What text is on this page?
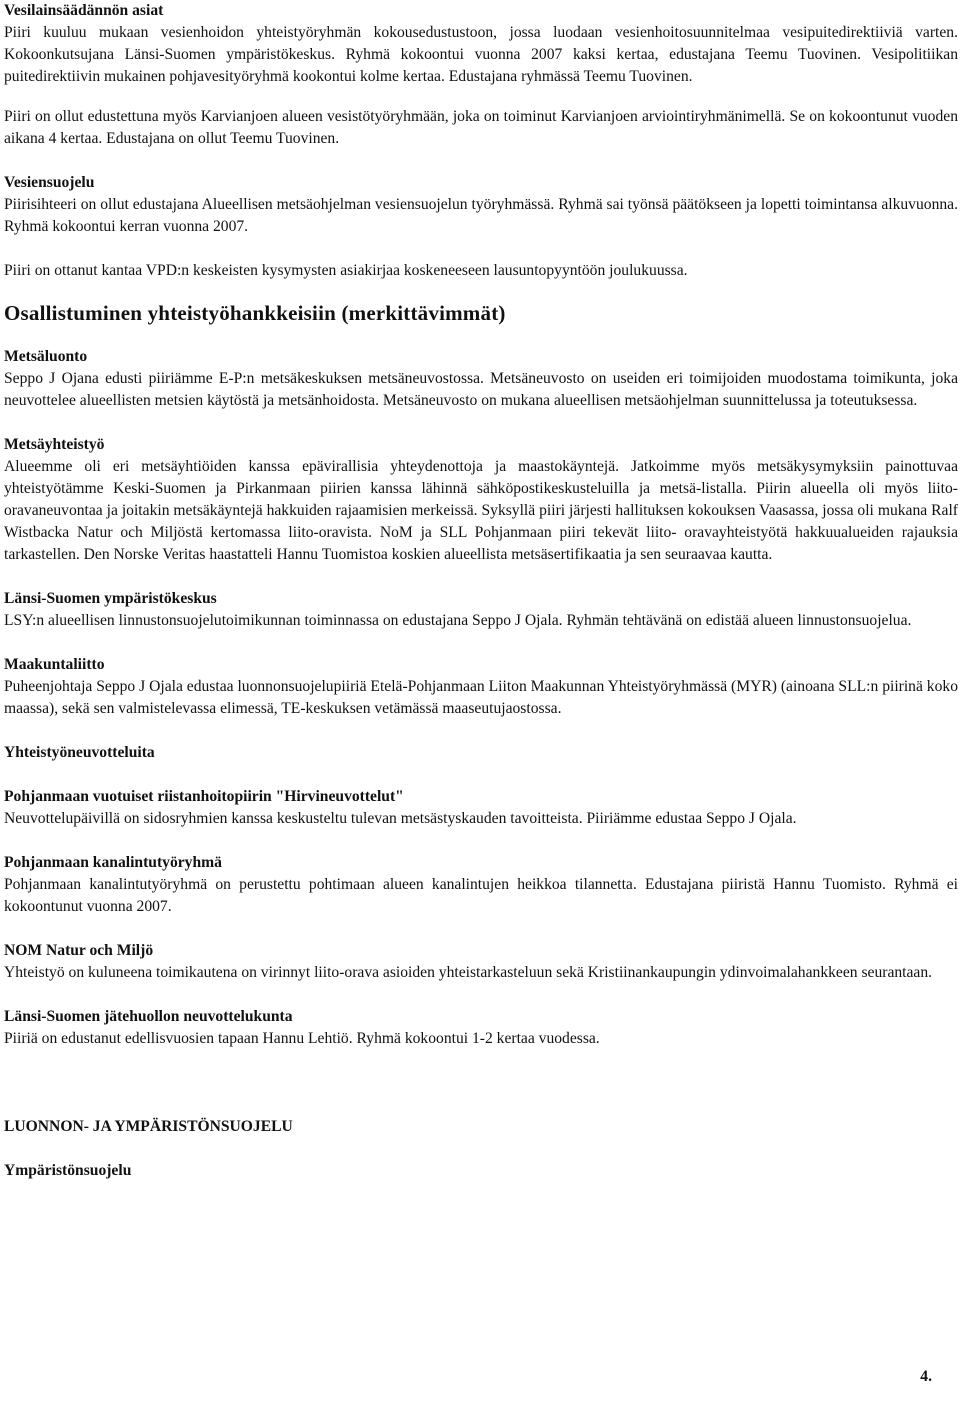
Vesilainsäädännön asiat

Piiri kuuluu mukaan vesienhoidon yhteistyöryhmän kokousedustustoon, jossa luodaan vesienhoitosuunnitelmaa vesipuitedirektiiviä varten. Kokoonkutsujana Länsi-Suomen ympäristökeskus. Ryhmä kokoontui vuonna 2007 kaksi kertaa, edustajana Teemu Tuovinen. Vesipolitiikan puitedirektiivin mukainen pohjavesityöryhmä kookontui kolme kertaa. Edustajana ryhmässä Teemu Tuovinen.

Piiri on ollut edustettuna myös Karvianjoen alueen vesistötyöryhmään, joka on toiminut Karvianjoen arviointiryhmänimellä. Se on kokoontunut vuoden aikana 4 kertaa. Edustajana on ollut Teemu Tuovinen.

Vesiensuojelu

Piirisihteeri on ollut edustajana Alueellisen metsäohjelman vesiensuojelun työryhmässä. Ryhmä sai työnsä päätökseen ja lopetti toimintansa alkuvuonna. Ryhmä kokoontui kerran vuonna 2007.

Piiri on ottanut kantaa VPD:n keskeisten kysymysten asiakirjaa koskeneeseen lausuntopyyntöön joulukuussa.

Osallistuminen yhteistyöhankkeisiin (merkittävimmät)
Metsäluonto

Seppo J Ojana edusti piiriämme E-P:n metsäkeskuksen metsäneuvostossa. Metsäneuvosto on useiden eri toimijoiden muodostama toimikunta, joka neuvottelee alueellisten metsien käytöstä ja metsänhoidosta. Metsäneuvosto on mukana alueellisen metsäohjelman suunnittelussa ja toteutuksessa.

Metsäyhteistyö

Alueemme oli eri metsäyhtiöiden kanssa epävirallisia yhteydenottoja ja maastokäyntejä. Jatkoimme myös metsäkysymyksiin painottuvaa yhteistyötämme Keski-Suomen ja Pirkanmaan piirien kanssa lähinnä sähköpostikeskusteluilla ja metsä-listalla. Piirin alueella oli myös liito-oravaneuvontaa ja joitakin metsäkäyntejä hakkuiden rajaamisien merkeissä. Syksyllä piiri järjesti hallituksen kokouksen Vaasassa, jossa oli mukana Ralf Wistbacka Natur och Miljöstä kertomassa liito-oravista. NoM ja SLL Pohjanmaan piiri tekevät liito- oravayhteistyötä hakkuualueiden rajauksia tarkastellen. Den Norske Veritas haastatteli Hannu Tuomistoa koskien alueellista metsäsertifikaatia ja sen seuraavaa kautta.

Länsi-Suomen ympäristökeskus

LSY:n alueellisen linnustonsuojelutoimikunnan toiminnassa on edustajana Seppo J Ojala. Ryhmän tehtävänä on edistää alueen linnustonsuojelua.

Maakuntaliitto

Puheenjohtaja Seppo J Ojala edustaa luonnonsuojelupiiriä Etelä-Pohjanmaan Liiton Maakunnan Yhteistyöryhmässä (MYR) (ainoana SLL:n piirinä koko maassa), sekä sen valmistelevassa elimessä, TE-keskuksen vetämässä maaseutujaostossa.

Yhteistyöneuvotteluita
Pohjanmaan vuotuiset riistanhoitopiirin "Hirvineuvottelut"

Neuvottelupäivillä on sidosryhmien kanssa keskusteltu tulevan metsästyskauden tavoitteista. Piiriämme edustaa Seppo J Ojala.

Pohjanmaan kanalintutyöryhmä

Pohjanmaan kanalintutyöryhmä on perustettu pohtimaan alueen kanalintujen heikkoa tilannetta. Edustajana piiristä Hannu Tuomisto. Ryhmä ei kokoontunut vuonna 2007.

NOM Natur och Miljö

Yhteistyö on kuluneena toimikautena on virinnyt liito-orava asioiden yhteistarkasteluun sekä Kristiinankaupungin ydinvoimalahankkeen seurantaan.

Länsi-Suomen jätehuollon neuvottelukunta

Piiriä on edustanut edellisvuosien tapaan Hannu Lehtiö. Ryhmä kokoontui 1-2 kertaa vuodessa.

LUONNON- JA YMPÄRISTÖNSUOJELU
Ympäristönsuojelu
4.
